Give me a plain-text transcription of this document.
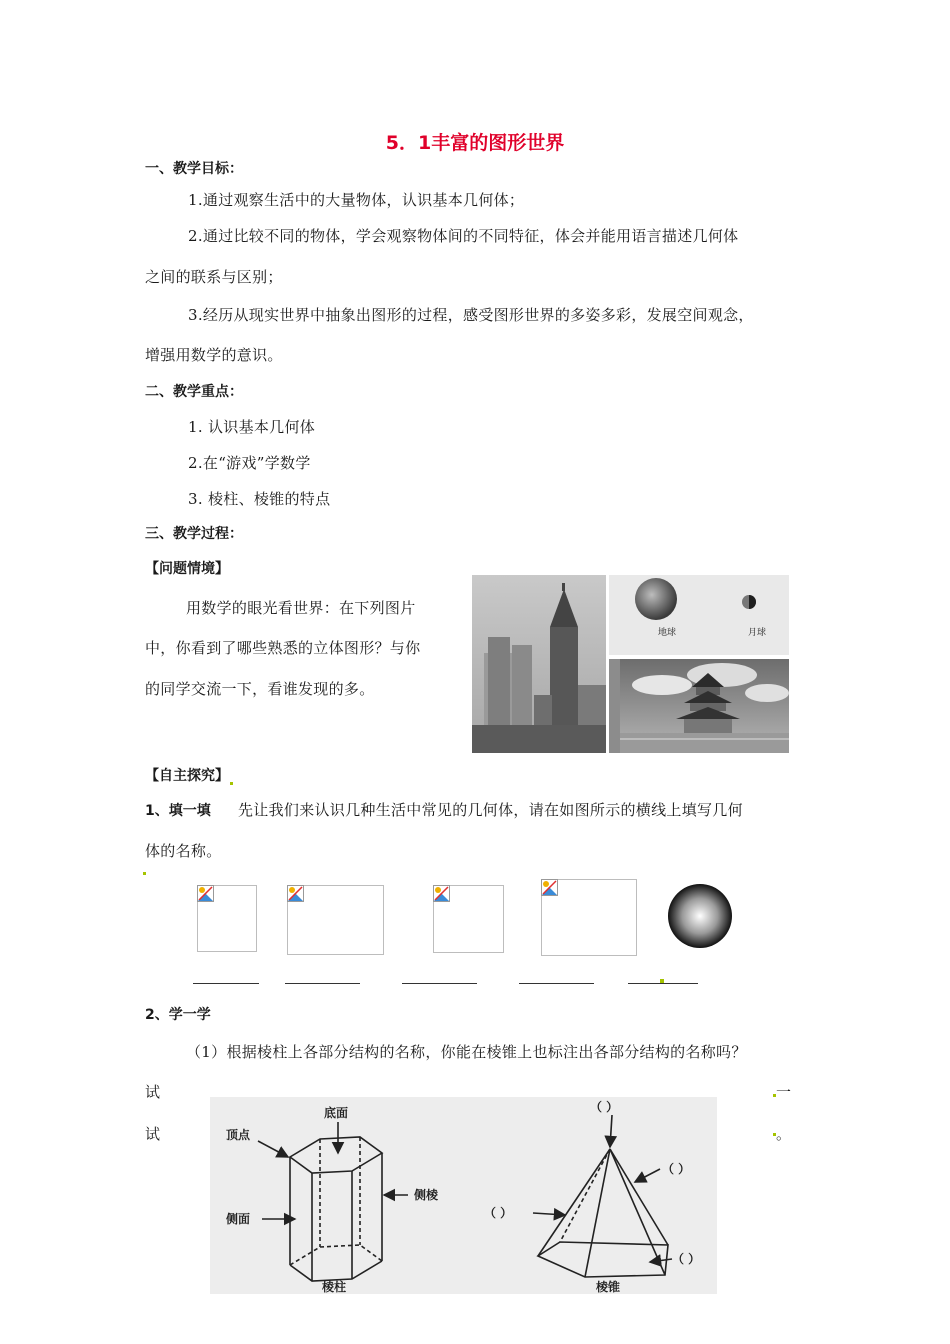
5．1丰富的图形世界
一、教学目标：
1.通过观察生活中的大量物体，认识基本几何体；
2.通过比较不同的物体，学会观察物体间的不同特征，体会并能用语言描述几何体
之间的联系与区别；
3.经历从现实世界中抽象出图形的过程，感受图形世界的多姿多彩，发展空间观念，
增强用数学的意识。
二、教学重点：
1. 认识基本几何体
2.在“游戏”学数学
3. 棱柱、棱锥的特点
三、教学过程：
【问题情境】
用数学的眼光看世界：在下列图片
中，你看到了哪些熟悉的立体图形？与你
的同学交流一下，看谁发现的多。
地球	月球
【自主探究】
1、填一填 先让我们来认识几种生活中常见的几何体，请在如图所示的横线上填写几何
体的名称。
2、学一学
（1）根据棱柱上各部分结构的名称，你能在棱锥上也标注出各部分结构的名称吗？
试
试
一
。
底面
顶点
侧棱
侧面
棱柱	棱锥
（ ）
（ ）
（ ）
（ ）
